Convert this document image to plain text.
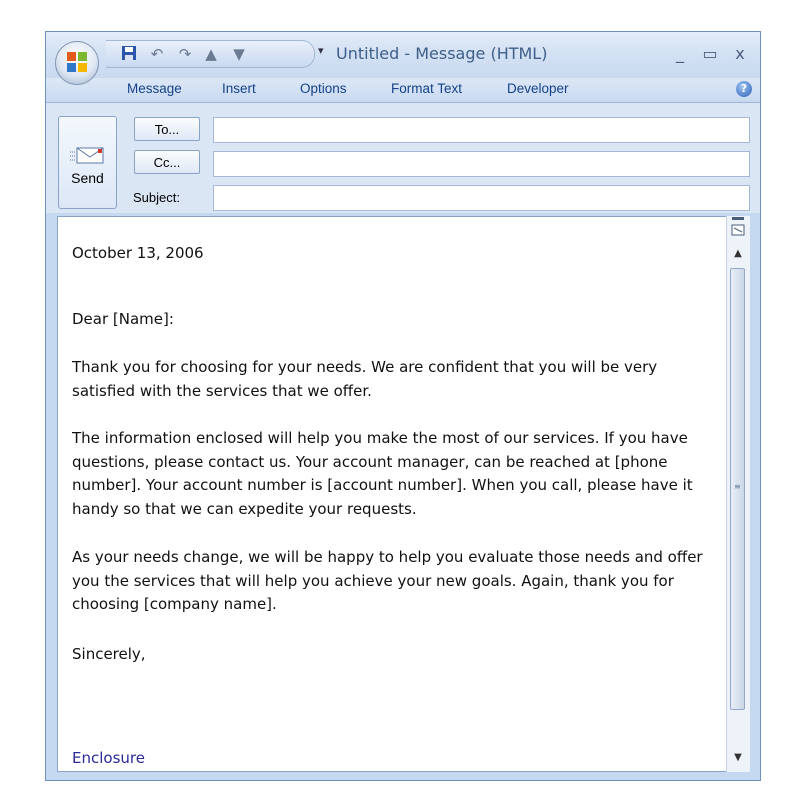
↶ ↷ ▲ ▼	▾ Untitled - Message (HTML)	_	▭	x
Message	Insert	Options	Format Text	Developer	?
Send
To...
Cc...
Subject:

October 13, 2006

Dear [Name]:

Thank you for choosing for your needs. We are confident that you will be very satisfied with the services that we offer.

The information enclosed will help you make the most of our services. If you have questions, please contact us. Your account manager, can be reached at [phone number]. Your account number is [account number]. When you call, please have it handy so that we can expedite your requests.

As your needs change, we will be happy to help you evaluate those needs and offer you the services that will help you achieve your new goals. Again, thank you for choosing [company name].

Sincerely,

Enclosure

▲
≡
▼
